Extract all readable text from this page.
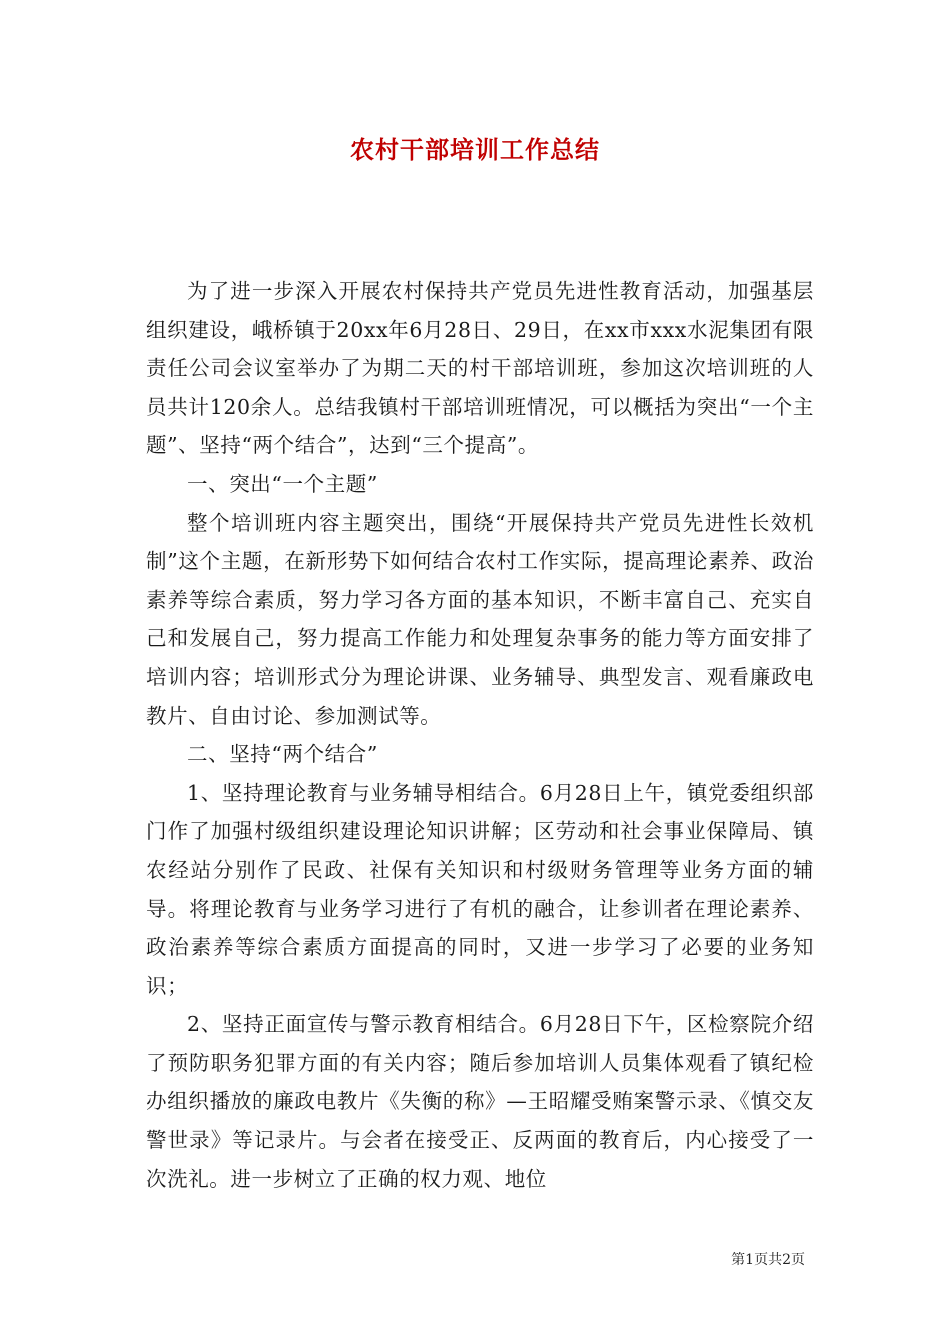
农村干部培训工作总结

为了进一步深入开展农村保持共产党员先进性教育活动，加强基层组织建设，峨桥镇于20xx年6月28日、29日，在xx市xxx水泥集团有限责任公司会议室举办了为期二天的村干部培训班，参加这次培训班的人员共计120余人。总结我镇村干部培训班情况，可以概括为突出“一个主题”、坚持“两个结合”，达到“三个提高”。

一、突出“一个主题”

整个培训班内容主题突出，围绕“开展保持共产党员先进性长效机制”这个主题，在新形势下如何结合农村工作实际，提高理论素养、政治素养等综合素质，努力学习各方面的基本知识，不断丰富自己、充实自己和发展自己，努力提高工作能力和处理复杂事务的能力等方面安排了培训内容；培训形式分为理论讲课、业务辅导、典型发言、观看廉政电教片、自由讨论、参加测试等。

二、坚持“两个结合”

1、坚持理论教育与业务辅导相结合。6月28日上午，镇党委组织部门作了加强村级组织建设理论知识讲解；区劳动和社会事业保障局、镇农经站分别作了民政、社保有关知识和村级财务管理等业务方面的辅导。将理论教育与业务学习进行了有机的融合，让参训者在理论素养、政治素养等综合素质方面提高的同时，又进一步学习了必要的业务知识；

2、坚持正面宣传与警示教育相结合。6月28日下午，区检察院介绍了预防职务犯罪方面的有关内容；随后参加培训人员集体观看了镇纪检办组织播放的廉政电教片《失衡的称》—王昭耀受贿案警示录、《慎交友警世录》等记录片。与会者在接受正、反两面的教育后，内心接受了一次洗礼。进一步树立了正确的权力观、地位

第1页共2页
